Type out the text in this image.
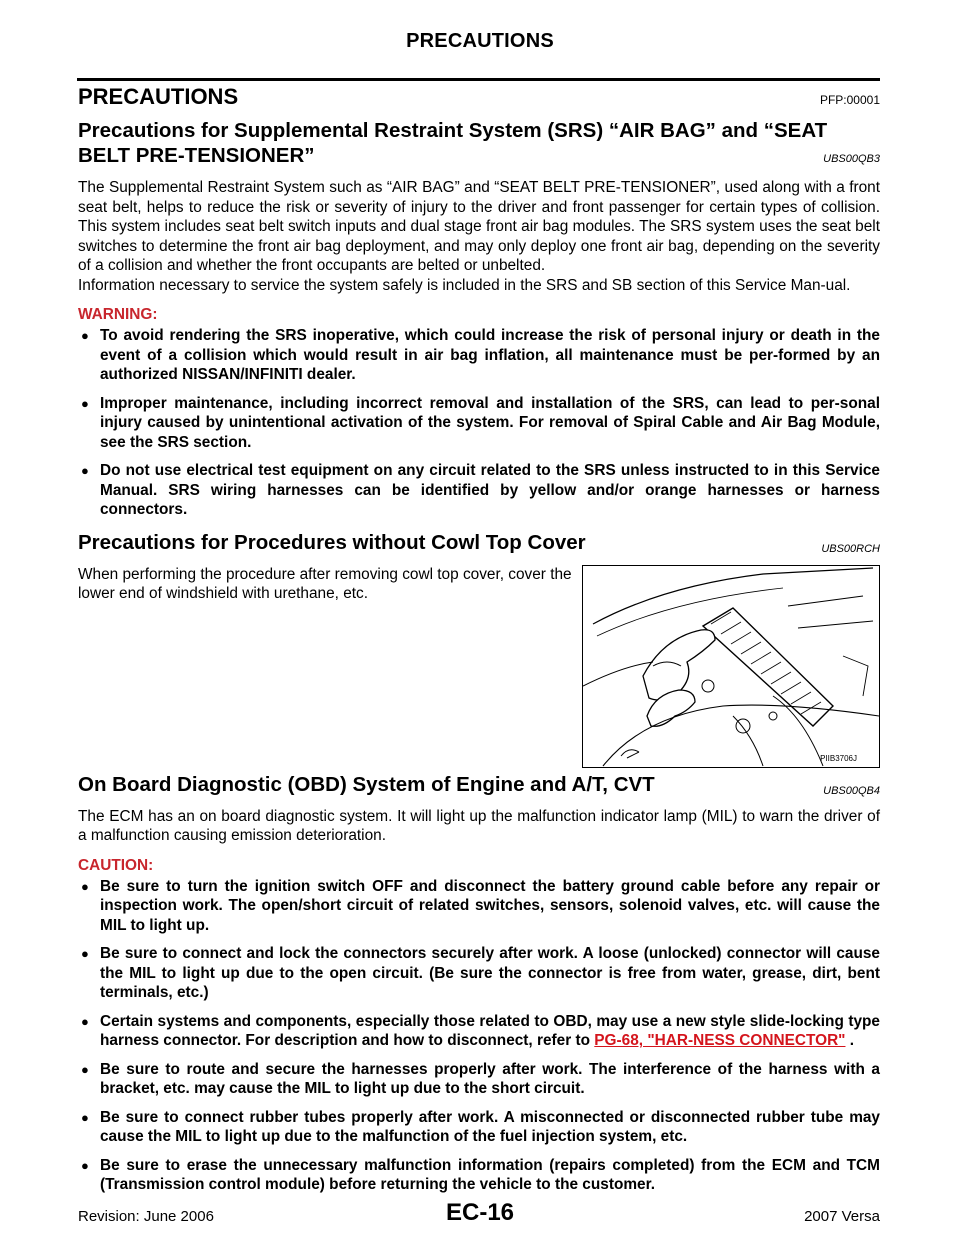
PRECAUTIONS
PRECAUTIONS	PFP:00001
Precautions for Supplemental Restraint System (SRS) “AIR BAG” and “SEAT
BELT PRE-TENSIONER”	UBS00QB3

The Supplemental Restraint System such as “AIR BAG” and “SEAT BELT PRE-TENSIONER”, used along with a front seat belt, helps to reduce the risk or severity of injury to the driver and front passenger for certain types of collision. This system includes seat belt switch inputs and dual stage front air bag modules. The SRS system uses the seat belt switches to determine the front air bag deployment, and may only deploy one front air bag, depending on the severity of a collision and whether the front occupants are belted or unbelted.

Information necessary to service the system safely is included in the SRS and SB section of this Service Man-ual.

WARNING:
● To avoid rendering the SRS inoperative, which could increase the risk of personal injury or death in the event of a collision which would result in air bag inflation, all maintenance must be per-formed by an authorized NISSAN/INFINITI dealer.
● Improper maintenance, including incorrect removal and installation of the SRS, can lead to per-sonal injury caused by unintentional activation of the system. For removal of Spiral Cable and Air Bag Module, see the SRS section.
● Do not use electrical test equipment on any circuit related to the SRS unless instructed to in this Service Manual. SRS wiring harnesses can be identified by yellow and/or orange harnesses or harness connectors.
Precautions for Procedures without Cowl Top Cover	UBS00RCH
When performing the procedure after removing cowl top cover, cover the lower end of windshield with urethane, etc.
PIIB3706J
On Board Diagnostic (OBD) System of Engine and A/T, CVT	UBS00QB4

The ECM has an on board diagnostic system. It will light up the malfunction indicator lamp (MIL) to warn the driver of a malfunction causing emission deterioration.

CAUTION:
● Be sure to turn the ignition switch OFF and disconnect the battery ground cable before any repair or inspection work. The open/short circuit of related switches, sensors, solenoid valves, etc. will cause the MIL to light up.
● Be sure to connect and lock the connectors securely after work. A loose (unlocked) connector will cause the MIL to light up due to the open circuit. (Be sure the connector is free from water, grease, dirt, bent terminals, etc.)
● Certain systems and components, especially those related to OBD, may use a new style slide-locking type harness connector. For description and how to disconnect, refer to PG-68, "HAR-NESS CONNECTOR" .
● Be sure to route and secure the harnesses properly after work. The interference of the harness with a bracket, etc. may cause the MIL to light up due to the short circuit.
● Be sure to connect rubber tubes properly after work. A misconnected or disconnected rubber tube may cause the MIL to light up due to the malfunction of the fuel injection system, etc.
● Be sure to erase the unnecessary malfunction information (repairs completed) from the ECM and TCM (Transmission control module) before returning the vehicle to the customer.
Revision: June 2006	EC-16	2007 Versa
